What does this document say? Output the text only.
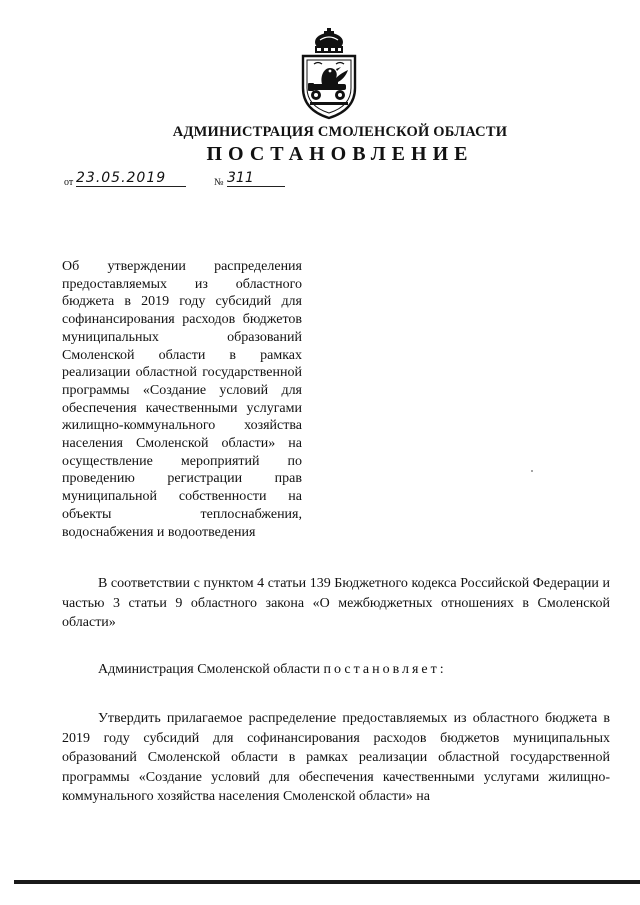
АДМИНИСТРАЦИЯ СМОЛЕНСКОЙ ОБЛАСТИ
ПОСТАНОВЛЕНИЕ
от 23.05.2019	№ 311
Об утверждении распределения предоставляемых из областного бюджета в 2019 году субсидий для софинансирования расходов бюджетов муниципальных образований Смоленской области в рамках реализации областной государственной программы «Создание условий для обеспечения качественными услугами жилищно-коммунального хозяйства населения Смоленской области» на осуществление мероприятий по проведению регистрации прав муниципальной собственности на объекты теплоснабжения, водоснабжения и водоотведения

В соответствии с пунктом 4 статьи 139 Бюджетного кодекса Российской Федерации и частью 3 статьи 9 областного закона «О межбюджетных отношениях в Смоленской области»

Администрация Смоленской области постановляет:

Утвердить прилагаемое распределение предоставляемых из областного бюджета в 2019 году субсидий для софинансирования расходов бюджетов муниципальных образований Смоленской области в рамках реализации областной государственной программы «Создание условий для обеспечения качественными услугами жилищно-коммунального хозяйства населения Смоленской области» на
